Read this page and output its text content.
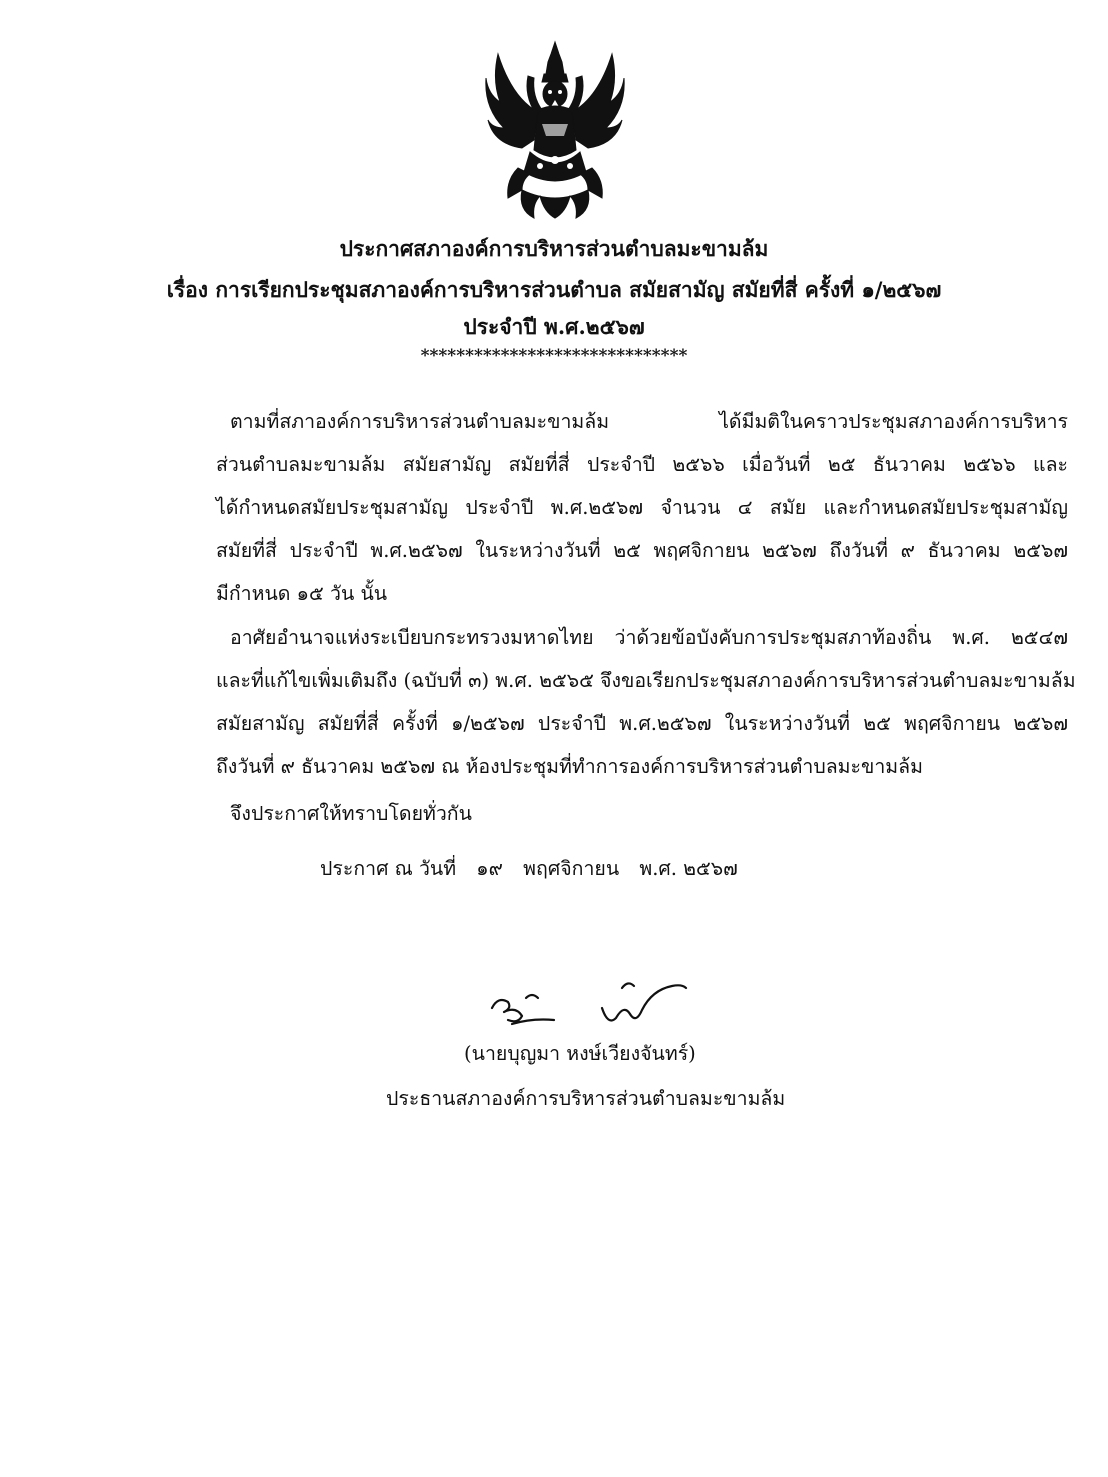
ประกาศสภาองค์การบริหารส่วนตำบลมะขามล้ม
เรื่อง การเรียกประชุมสภาองค์การบริหารส่วนตำบล สมัยสามัญ สมัยที่สี่ ครั้งที่ ๑/๒๕๖๗
ประจำปี พ.ศ.๒๕๖๗
******************************
ตามที่สภาองค์การบริหารส่วนตำบลมะขามล้ม ได้มีมติในคราวประชุมสภาองค์การบริหาร
ส่วนตำบลมะขามล้ม สมัยสามัญ สมัยที่สี่ ประจำปี ๒๕๖๖ เมื่อวันที่ ๒๕ ธันวาคม ๒๕๖๖ และ
ได้กำหนดสมัยประชุมสามัญ ประจำปี พ.ศ.๒๕๖๗ จำนวน ๔ สมัย และกำหนดสมัยประชุมสามัญ
สมัยที่สี่ ประจำปี พ.ศ.๒๕๖๗ ในระหว่างวันที่ ๒๕ พฤศจิกายน ๒๕๖๗ ถึงวันที่ ๙ ธันวาคม ๒๕๖๗
มีกำหนด ๑๕ วัน นั้น
อาศัยอำนาจแห่งระเบียบกระทรวงมหาดไทย ว่าด้วยข้อบังคับการประชุมสภาท้องถิ่น พ.ศ. ๒๕๔๗
และที่แก้ไขเพิ่มเติมถึง (ฉบับที่ ๓) พ.ศ. ๒๕๖๕ จึงขอเรียกประชุมสภาองค์การบริหารส่วนตำบลมะขามล้ม
สมัยสามัญ สมัยที่สี่ ครั้งที่ ๑/๒๕๖๗ ประจำปี พ.ศ.๒๕๖๗ ในระหว่างวันที่ ๒๕ พฤศจิกายน ๒๕๖๗
ถึงวันที่ ๙ ธันวาคม ๒๕๖๗ ณ ห้องประชุมที่ทำการองค์การบริหารส่วนตำบลมะขามล้ม
จึงประกาศให้ทราบโดยทั่วกัน
ประกาศ ณ วันที่ ๑๙ พฤศจิกายน พ.ศ. ๒๕๖๗
(นายบุญมา หงษ์เวียงจันทร์)
ประธานสภาองค์การบริหารส่วนตำบลมะขามล้ม
